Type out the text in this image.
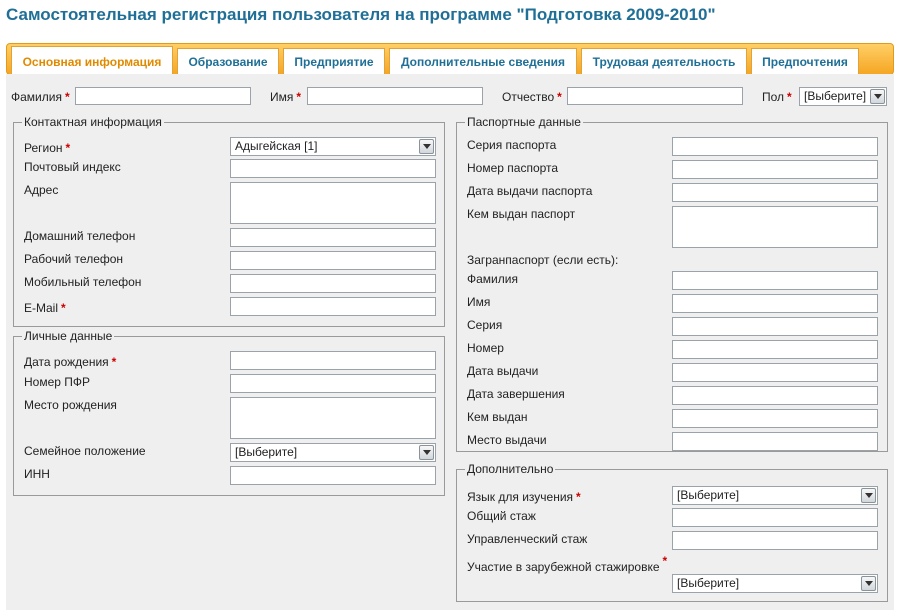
Самостоятельная регистрация пользователя на программе "Подготовка 2009-2010"
Основная информация	Образование	Предприятие	Дополнительные сведения	Трудовая деятельность	Предпочтения
Фамилия *	Имя *	Отчество *	Пол *	[Выберите]
Контактная информация
Регион *	Адыгейская [1]
Почтовый индекс
Адрес
Домашний телефон
Рабочий телефон
Мобильный телефон
E-Mail *
Личные данные
Дата рождения *
Номер ПФР
Место рождения
Семейное положение	[Выберите]
ИНН
Паспортные данные
Серия паспорта
Номер паспорта
Дата выдачи паспорта
Кем выдан паспорт
Загранпаспорт (если есть):
Фамилия
Имя
Серия
Номер
Дата выдачи
Дата завершения
Кем выдан
Место выдачи
Дополнительно
Язык для изучения *	[Выберите]
Общий стаж
Управленческий стаж
Участие в зарубежной стажировке *
[Выберите]
